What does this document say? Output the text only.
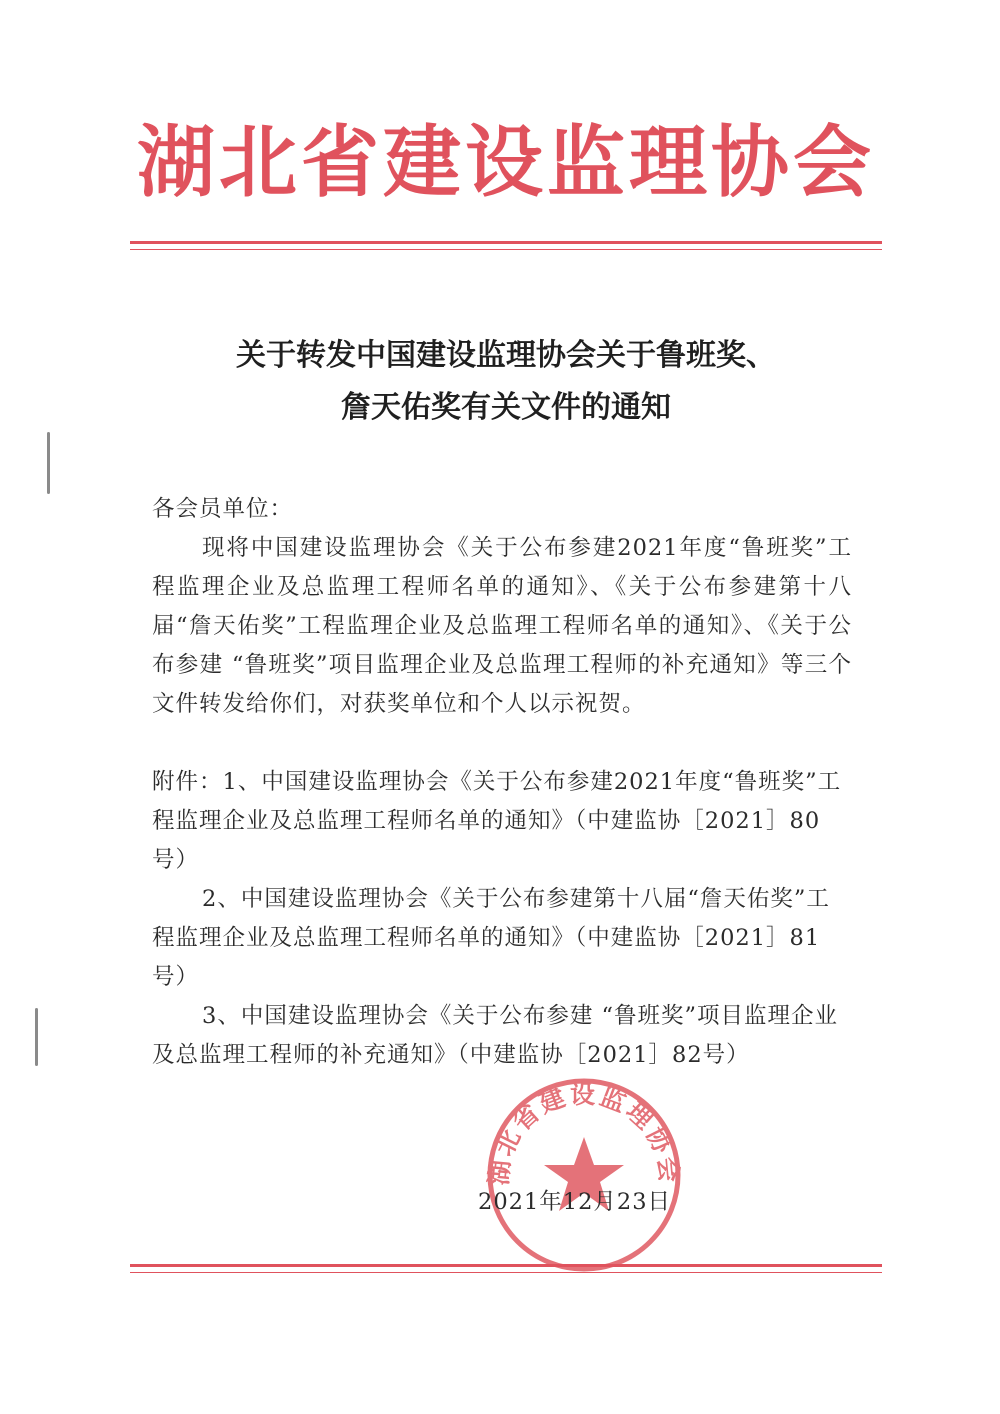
湖北省建设监理协会
关于转发中国建设监理协会关于鲁班奖、
詹天佑奖有关文件的通知

各会员单位：

现将中国建设监理协会《关于公布参建2021年度“鲁班奖”工程监理企业及总监理工程师名单的通知》、《关于公布参建第十八届“詹天佑奖”工程监理企业及总监理工程师名单的通知》、《关于公布参建 “鲁班奖”项目监理企业及总监理工程师的补充通知》等三个文件转发给你们，对获奖单位和个人以示祝贺。

附件：1、中国建设监理协会《关于公布参建2021年度“鲁班奖”工程监理企业及总监理工程师名单的通知》（中建监协［2021］80号）

2、中国建设监理协会《关于公布参建第十八届“詹天佑奖”工程监理企业及总监理工程师名单的通知》（中建监协［2021］81号）

3、中国建设监理协会《关于公布参建 “鲁班奖”项目监理企业及总监理工程师的补充通知》（中建监协［2021］82号）

湖北省建设监理协会
2021年12月23日
